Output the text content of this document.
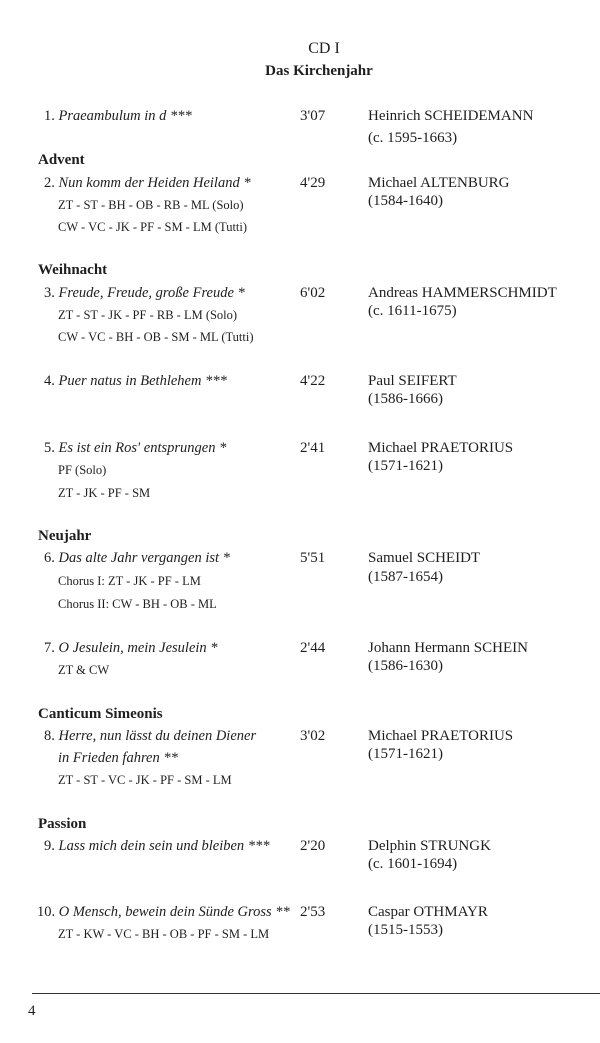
CD I
Das Kirchenjahr
1. Praeambulum in d ***	3'07	Heinrich SCHEIDEMANN
(c. 1595-1663)
Advent
2. Nun komm der Heiden Heiland *
ZT - ST - BH - OB - RB - ML (Solo)
CW - VC - JK - PF - SM - LM (Tutti)
4'29	Michael ALTENBURG
(1584-1640)
Weihnacht
3. Freude, Freude, große Freude *
ZT - ST - JK - PF - RB - LM (Solo)
CW - VC - BH - OB - SM - ML (Tutti)
6'02	Andreas HAMMERSCHMIDT
(c. 1611-1675)
4. Puer natus in Bethlehem ***	4'22	Paul SEIFERT
(1586-1666)
5. Es ist ein Ros' entsprungen *
PF (Solo)
ZT - JK - PF - SM
2'41	Michael PRAETORIUS
(1571-1621)
Neujahr
6. Das alte Jahr vergangen ist *
Chorus I: ZT - JK - PF - LM
Chorus II: CW - BH - OB - ML
5'51	Samuel SCHEIDT
(1587-1654)
7. O Jesulein, mein Jesulein *
ZT & CW
2'44	Johann Hermann SCHEIN
(1586-1630)
Canticum Simeonis
8. Herre, nun lässt du deinen Diener
in Frieden fahren **
ZT - ST - VC - JK - PF - SM - LM
3'02	Michael PRAETORIUS
(1571-1621)
Passion
9. Lass mich dein sein und bleiben *** 2'20	Delphin STRUNGK
(c. 1601-1694)
10. O Mensch, bewein dein Sünde Gross **
ZT - KW - VC - BH - OB - PF - SM - LM
2'53	Caspar OTHMAYR
(1515-1553)
4
